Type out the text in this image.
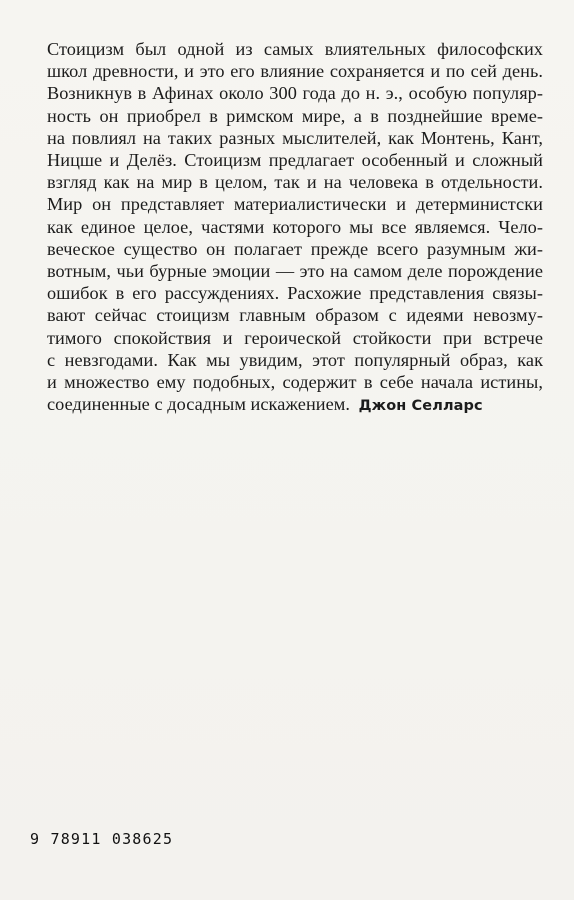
Стоицизм был одной из самых влиятельных философских
школ древности, и это его влияние сохраняется и по сей день.
Возникнув в Афинах около 300 года до н. э., особую популяр-
ность он приобрел в римском мире, а в позднейшие време-
на повлиял на таких разных мыслителей, как Монтень, Кант,
Ницше и Делёз. Стоицизм предлагает особенный и сложный
взгляд как на мир в целом, так и на человека в отдельности.
Мир он представляет материалистически и детерминистски
как единое целое, частями которого мы все являемся. Чело-
веческое существо он полагает прежде всего разумным жи-
вотным, чьи бурные эмоции — это на самом деле порождение
ошибок в его рассуждениях. Расхожие представления связы-
вают сейчас стоицизм главным образом с идеями невозму-
тимого спокойствия и героической стойкости при встрече
с невзгодами. Как мы увидим, этот популярный образ, как
и множество ему подобных, содержит в себе начала истины,
соединенные с досадным искажением. Джон Селларс

9 78911 038625
